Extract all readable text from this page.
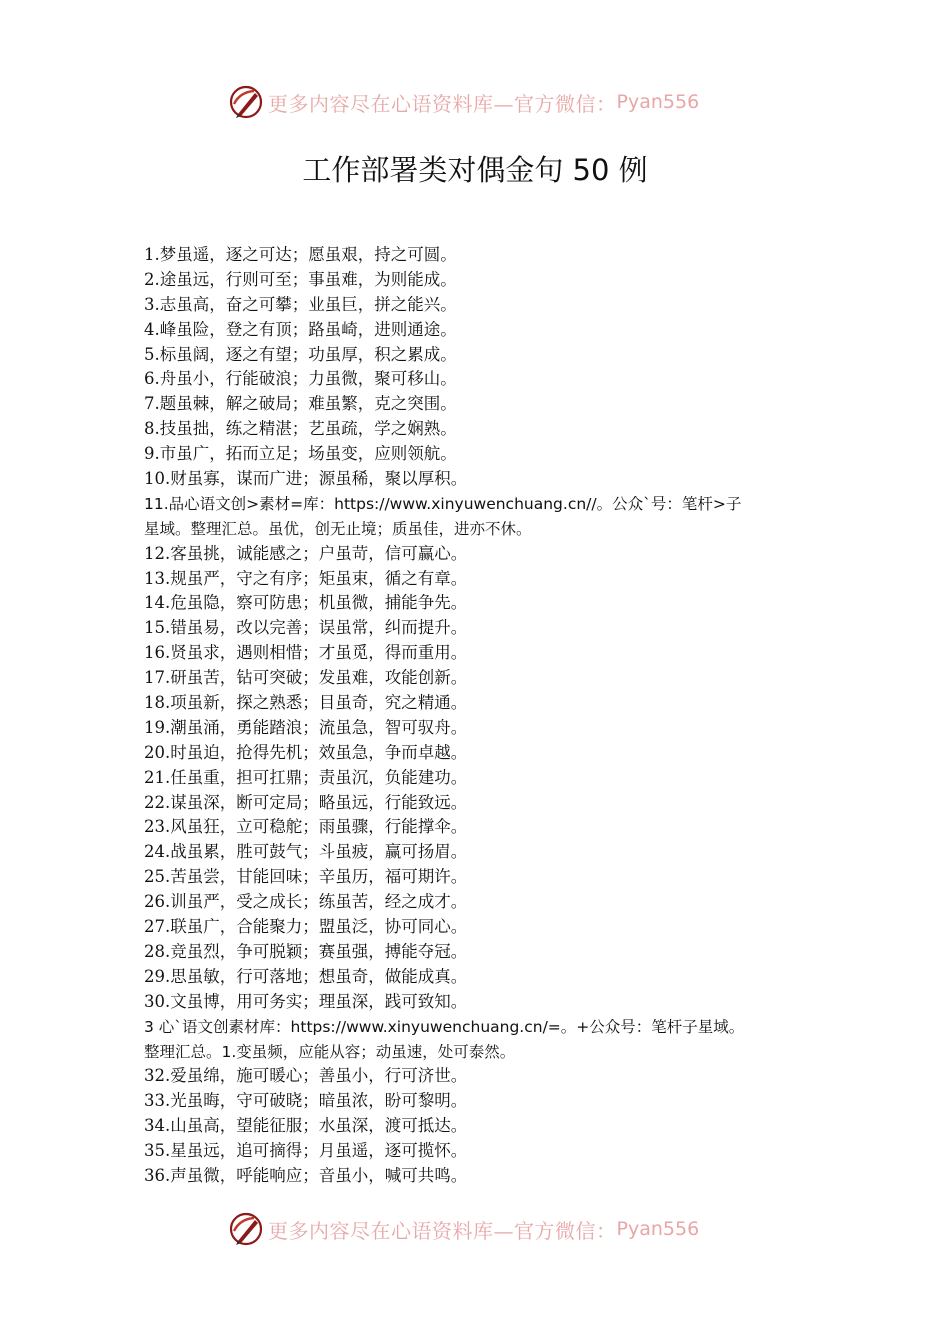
更多内容尽在心语资料库—官方微信： Pyan556
工作部署类对偶金句 50 例
1.梦虽遥，逐之可达；愿虽艰，持之可圆。
2.途虽远，行则可至；事虽难，为则能成。
3.志虽高，奋之可攀；业虽巨，拼之能兴。
4.峰虽险，登之有顶；路虽崎，进则通途。
5.标虽阔，逐之有望；功虽厚，积之累成。
6.舟虽小，行能破浪；力虽微，聚可移山。
7.题虽棘，解之破局；难虽繁，克之突围。
8.技虽拙，练之精湛；艺虽疏，学之娴熟。
9.市虽广，拓而立足；场虽变，应则领航。
10.财虽寡，谋而广进；源虽稀，聚以厚积。
11.品心语文创>素材=库：https://www.xinyuwenchuang.cn//。公众`号：笔杆>子
星域。整理汇总。虽优，创无止境；质虽佳，进亦不休。
12.客虽挑，诚能感之；户虽苛，信可赢心。
13.规虽严，守之有序；矩虽束，循之有章。
14.危虽隐，察可防患；机虽微，捕能争先。
15.错虽易，改以完善；误虽常，纠而提升。
16.贤虽求，遇则相惜；才虽觅，得而重用。
17.研虽苦，钻可突破；发虽难，攻能创新。
18.项虽新，探之熟悉；目虽奇，究之精通。
19.潮虽涌，勇能踏浪；流虽急，智可驭舟。
20.时虽迫，抢得先机；效虽急，争而卓越。
21.任虽重，担可扛鼎；责虽沉，负能建功。
22.谋虽深，断可定局；略虽远，行能致远。
23.风虽狂，立可稳舵；雨虽骤，行能撑伞。
24.战虽累，胜可鼓气；斗虽疲，赢可扬眉。
25.苦虽尝，甘能回味；辛虽历，福可期许。
26.训虽严，受之成长；练虽苦，经之成才。
27.联虽广，合能聚力；盟虽泛，协可同心。
28.竞虽烈，争可脱颖；赛虽强，搏能夺冠。
29.思虽敏，行可落地；想虽奇，做能成真。
30.文虽博，用可务实；理虽深，践可致知。
3 心`语文创素材库：https://www.xinyuwenchuang.cn/=。+公众号：笔杆子星域。
整理汇总。1.变虽频，应能从容；动虽速，处可泰然。
32.爱虽绵，施可暖心；善虽小，行可济世。
33.光虽晦，守可破晓；暗虽浓，盼可黎明。
34.山虽高，望能征服；水虽深，渡可抵达。
35.星虽远，追可摘得；月虽遥，逐可揽怀。
36.声虽微，呼能响应；音虽小，喊可共鸣。
更多内容尽在心语资料库—官方微信： Pyan556
